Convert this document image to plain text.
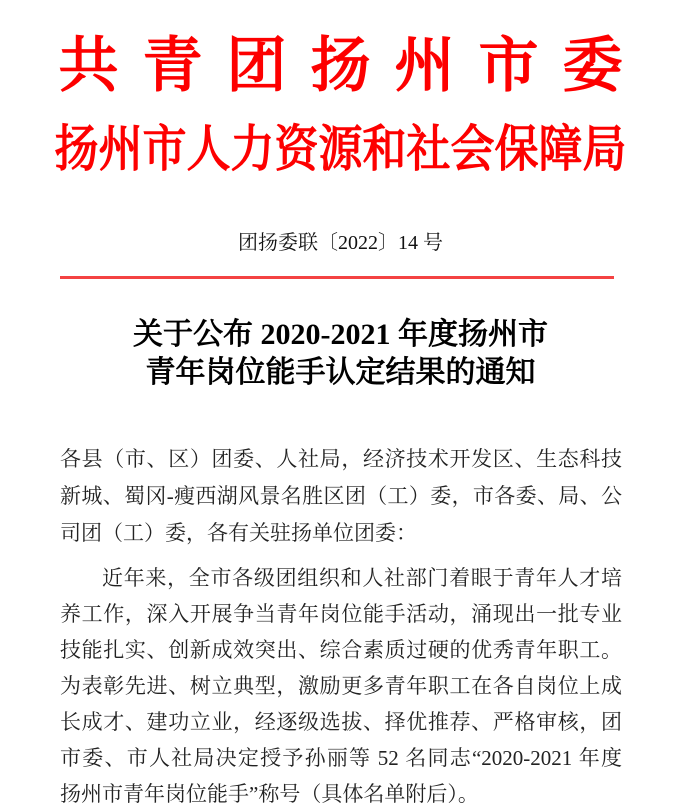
共青团扬州市委
扬州市人力资源和社会保障局
团扬委联〔2022〕14 号
关于公布 2020-2021 年度扬州市
青年岗位能手认定结果的通知

各县（市、区）团委、人社局，经济技术开发区、生态科技

新城、蜀冈-瘦西湖风景名胜区团（工）委，市各委、局、公

司团（工）委，各有关驻扬单位团委：

近年来，全市各级团组织和人社部门着眼于青年人才培

养工作，深入开展争当青年岗位能手活动，涌现出一批专业

技能扎实、创新成效突出、综合素质过硬的优秀青年职工。

为表彰先进、树立典型，激励更多青年职工在各自岗位上成

长成才、建功立业，经逐级选拔、择优推荐、严格审核，团

市委、市人社局决定授予孙丽等 52 名同志“2020-2021 年度

扬州市青年岗位能手”称号（具体名单附后）。
